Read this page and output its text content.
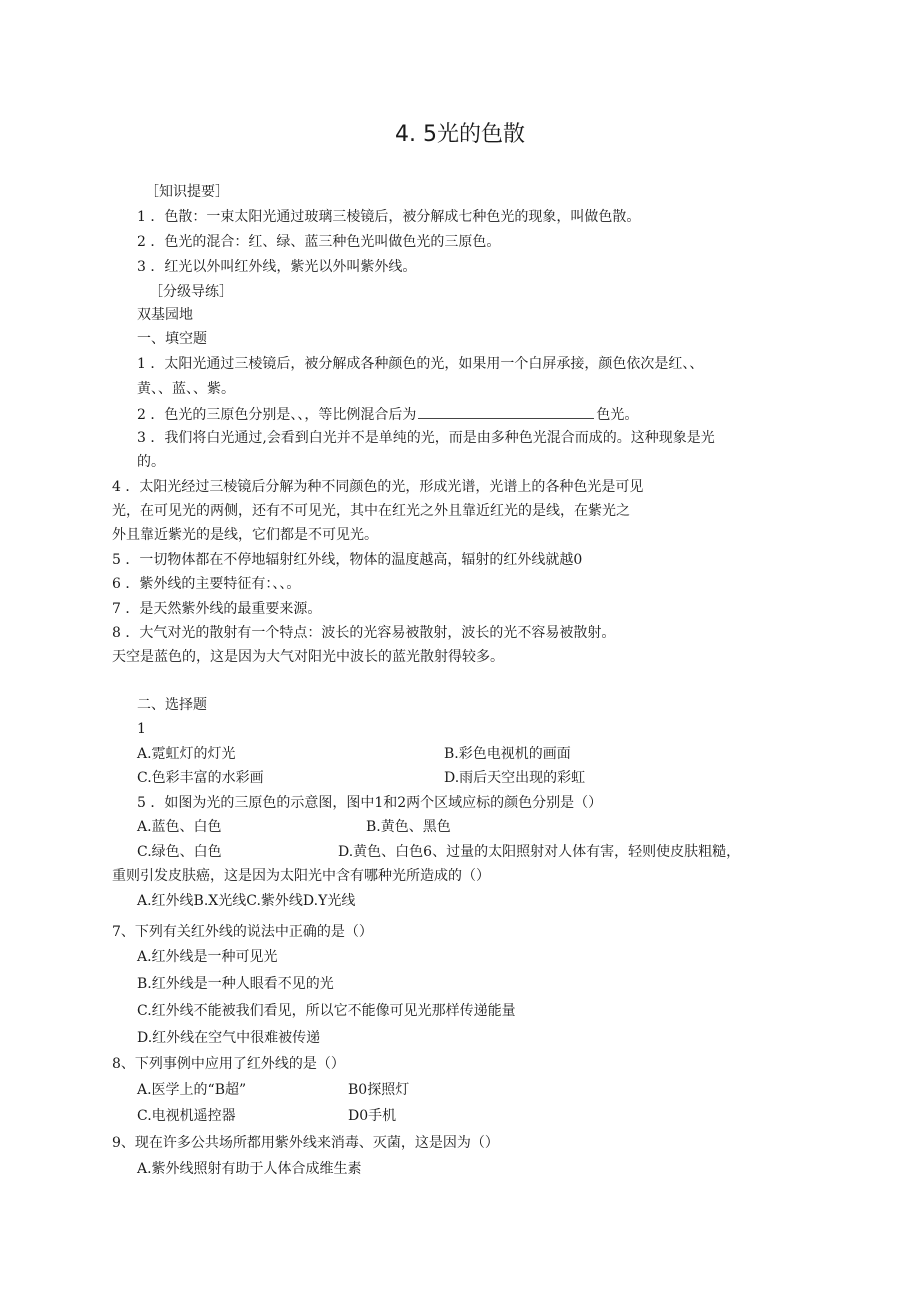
4. 5光的色散
［知识提要］
1 ．色散：一束太阳光通过玻璃三棱镜后，被分解成七种色光的现象，叫做色散。
2 ．色光的混合：红、绿、蓝三种色光叫做色光的三原色。
3 ．红光以外叫红外线，紫光以外叫紫外线。
［分级导练］
双基园地
一、填空题
1 ．太阳光通过三棱镜后，被分解成各种颜色的光，如果用一个白屏承接，颜色依次是红、、
黄、、蓝、、紫。
2 ．色光的三原色分别是、、，等比例混合后为	色光。
3 ．我们将白光通过,会看到白光并不是单纯的光，而是由多种色光混合而成的。这种现象是光
的。
4 ．太阳光经过三棱镜后分解为种不同颜色的光，形成光谱，光谱上的各种色光是可见
光，在可见光的两侧，还有不可见光，其中在红光之外且靠近红光的是线，在紫光之
外且靠近紫光的是线，它们都是不可见光。
5 ．一切物体都在不停地辐射红外线，物体的温度越高，辐射的红外线就越0
6 ．紫外线的主要特征有：、、。
7 ．是天然紫外线的最重要来源。
8 ．大气对光的散射有一个特点：波长的光容易被散射，波长的光不容易被散射。
天空是蓝色的，这是因为大气对阳光中波长的蓝光散射得较多。
二、选择题
1
A.霓虹灯的灯光	B.彩色电视机的画面
C.色彩丰富的水彩画	D.雨后天空出现的彩虹
5 ．如图为光的三原色的示意图，图中1和2两个区域应标的颜色分别是（）
A.蓝色、白色	B.黄色、黑色
C.绿色、白色	D.黄色、白色6、过量的太阳照射对人体有害，轻则使皮肤粗糙，
重则引发皮肤癌，这是因为太阳光中含有哪种光所造成的（）
A.红外线B.X光线C.紫外线D.Y光线
7、下列有关红外线的说法中正确的是（）
A.红外线是一种可见光
B.红外线是一种人眼看不见的光
C.红外线不能被我们看见，所以它不能像可见光那样传递能量
D.红外线在空气中很难被传递
8、下列事例中应用了红外线的是（）
A.医学上的“B超”	B0探照灯
C.电视机遥控器	D0手机
9、现在许多公共场所都用紫外线来消毒、灭菌，这是因为（）
A.紫外线照射有助于人体合成维生素
